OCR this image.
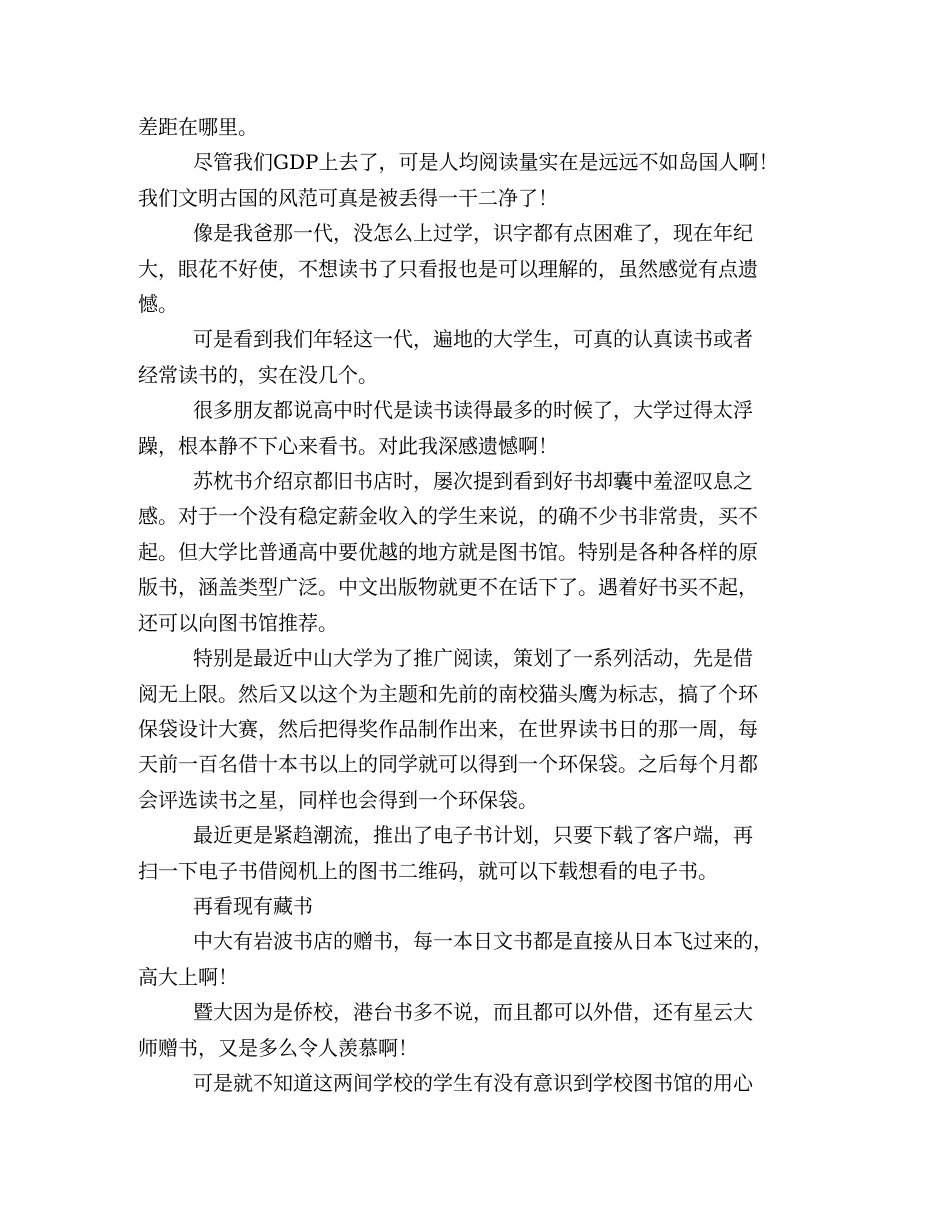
差距在哪里。
尽管我们GDP上去了，可是人均阅读量实在是远远不如岛国人啊！
我们文明古国的风范可真是被丢得一干二净了！
像是我爸那一代，没怎么上过学，识字都有点困难了，现在年纪
大，眼花不好使，不想读书了只看报也是可以理解的，虽然感觉有点遗
憾。
可是看到我们年轻这一代，遍地的大学生，可真的认真读书或者
经常读书的，实在没几个。
很多朋友都说高中时代是读书读得最多的时候了，大学过得太浮
躁，根本静不下心来看书。对此我深感遗憾啊！
苏枕书介绍京都旧书店时，屡次提到看到好书却囊中羞涩叹息之
感。对于一个没有稳定薪金收入的学生来说，的确不少书非常贵，买不
起。但大学比普通高中要优越的地方就是图书馆。特别是各种各样的原
版书，涵盖类型广泛。中文出版物就更不在话下了。遇着好书买不起，
还可以向图书馆推荐。
特别是最近中山大学为了推广阅读，策划了一系列活动，先是借
阅无上限。然后又以这个为主题和先前的南校猫头鹰为标志，搞了个环
保袋设计大赛，然后把得奖作品制作出来，在世界读书日的那一周，每
天前一百名借十本书以上的同学就可以得到一个环保袋。之后每个月都
会评选读书之星，同样也会得到一个环保袋。
最近更是紧趋潮流，推出了电子书计划，只要下载了客户端，再
扫一下电子书借阅机上的图书二维码，就可以下载想看的电子书。
再看现有藏书
中大有岩波书店的赠书，每一本日文书都是直接从日本飞过来的，
高大上啊！
暨大因为是侨校，港台书多不说，而且都可以外借，还有星云大
师赠书，又是多么令人羡慕啊！
可是就不知道这两间学校的学生有没有意识到学校图书馆的用心
